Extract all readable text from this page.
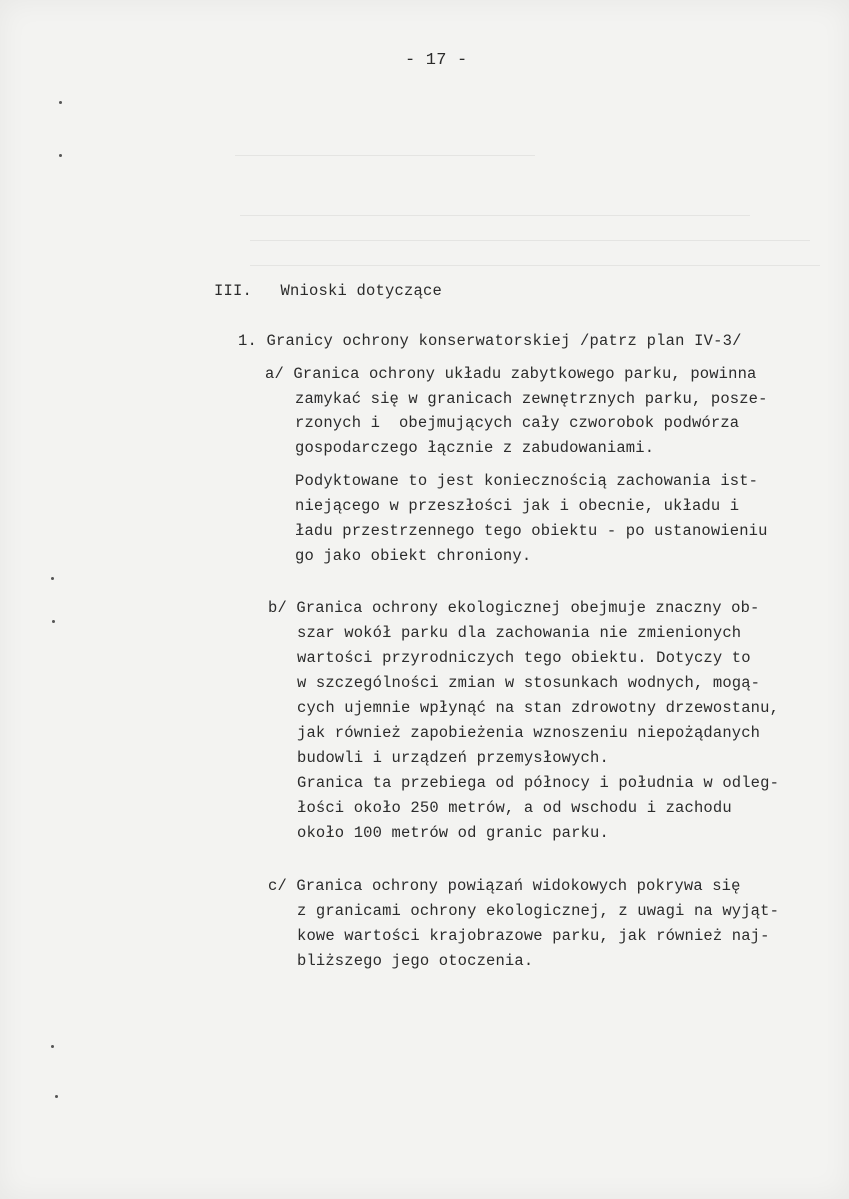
- 17 -
III.   Wnioski dotyczące
1. Granicy ochrony konserwatorskiej /patrz plan IV-3/
a/ Granica ochrony układu zabytkowego parku, powinna
zamykać się w granicach zewnętrznych parku, posze-
rzonych i  obejmujących cały czworobok podwórza
gospodarczego łącznie z zabudowaniami.
Podyktowane to jest koniecznością zachowania ist-
niejącego w przeszłości jak i obecnie, układu i
ładu przestrzennego tego obiektu - po ustanowieniu
go jako obiekt chroniony.
b/ Granica ochrony ekologicznej obejmuje znaczny ob-
szar wokół parku dla zachowania nie zmienionych
wartości przyrodniczych tego obiektu. Dotyczy to
w szczególności zmian w stosunkach wodnych, mogą-
cych ujemnie wpłynąć na stan zdrowotny drzewostanu,
jak również zapobieżenia wznoszeniu niepożądanych
budowli i urządzeń przemysłowych.
Granica ta przebiega od północy i południa w odleg-
łości około 250 metrów, a od wschodu i zachodu
około 100 metrów od granic parku.
c/ Granica ochrony powiązań widokowych pokrywa się
z granicami ochrony ekologicznej, z uwagi na wyjąt-
kowe wartości krajobrazowe parku, jak również naj-
bliższego jego otoczenia.
